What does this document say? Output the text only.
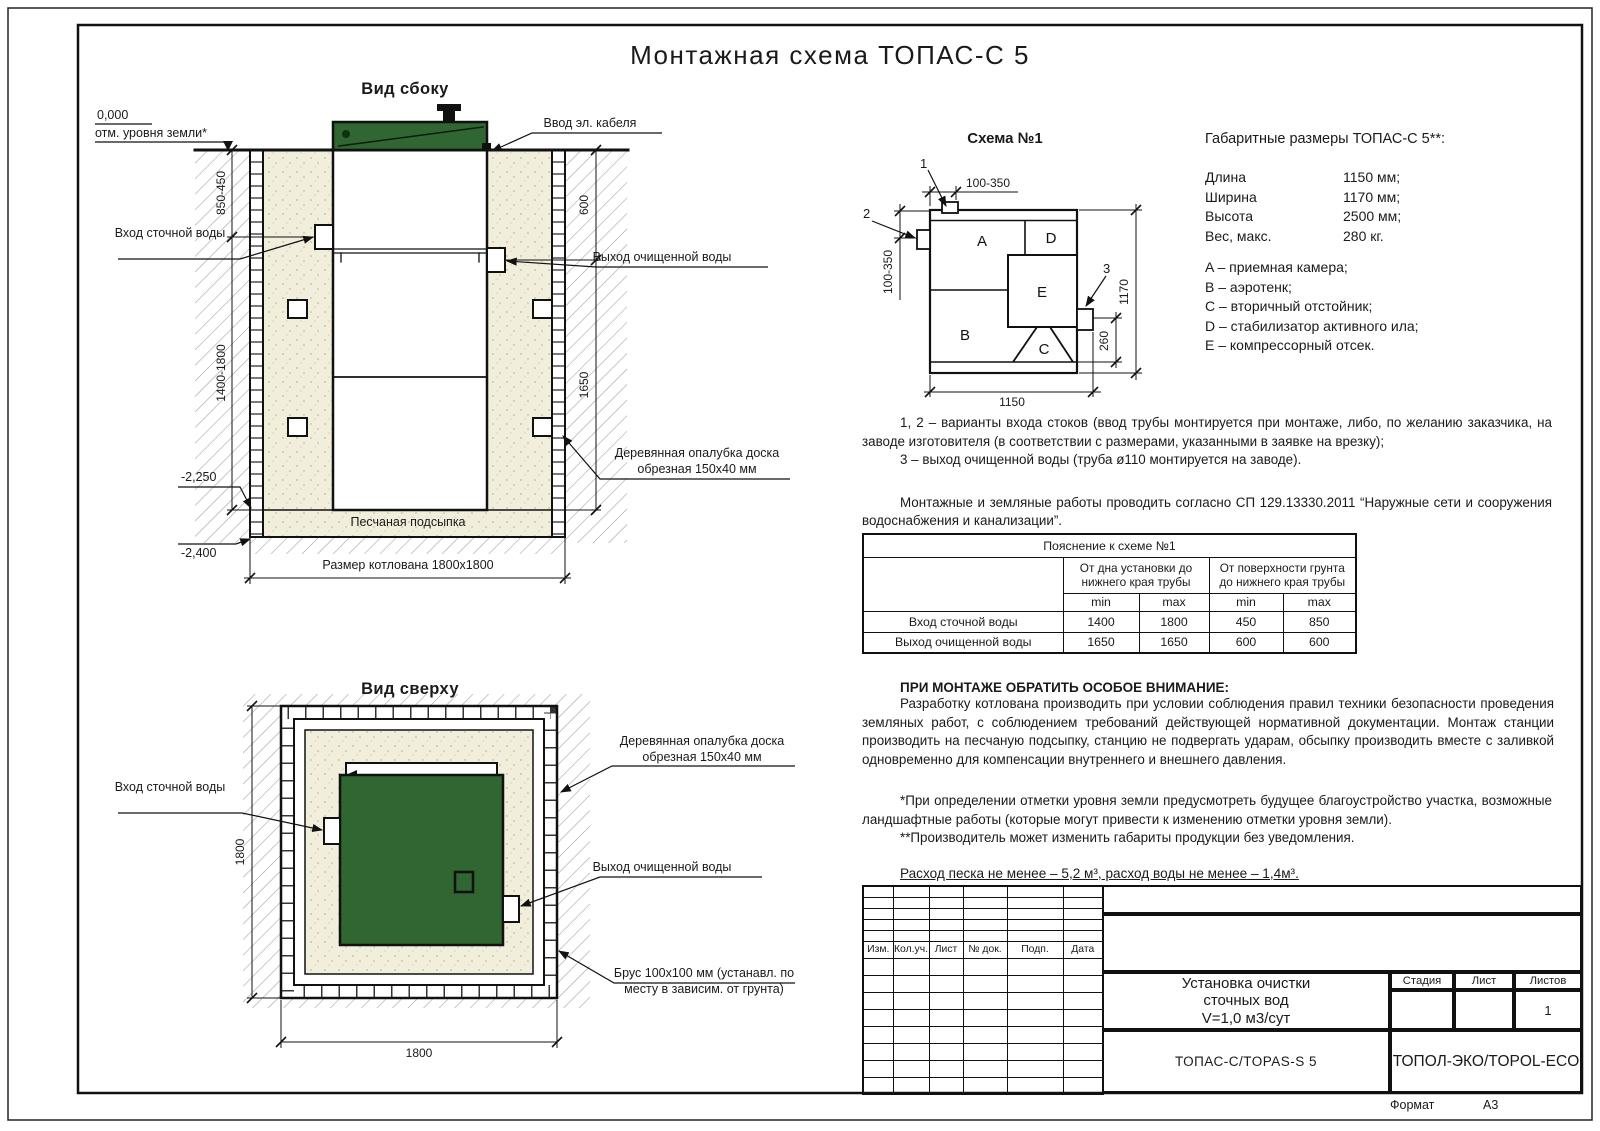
850-450
1400-1800
600
1650
1800
A
B
C
D
E
100-350	1170
260
Монтажная схема ТОПАС-С 5
Вид сбоку
0,000
отм. уровня земли*
Вход сточной воды
Ввод эл. кабеля
Выход очищенной воды
Деревянная опалубка доска обрезная 150x40 мм
Песчаная подсыпка
Размер котлована 1800x1800
-2,250
-2,400
Вид сверху
Вход сточной воды
Деревянная опалубка доска обрезная 150x40 мм
Выход очищенной воды
Брус 100x100 мм (устанавл. по месту в зависим. от грунта)
1800
Схема №1
1
2
3
100-350
1150
Габаритные размеры ТОПАС-С 5**:
Длина	1150 мм;
Ширина	1170 мм;
Высота	2500 мм;
Вес, макс.	280 кг.
A – приемная камера;
B – аэротенк;
C – вторичный отстойник;
D – стабилизатор активного ила;
E – компрессорный отсек.

1, 2 – варианты входа стоков (ввод трубы монтируется при монтаже, либо, по желанию заказчика, на заводе изготовителя (в соответствии с размерами, указанными в заявке на врезку);

3 – выход очищенной воды (труба ø110 монтируется на заводе).

Монтажные и земляные работы проводить согласно СП 129.13330.2011 “Наружные сети и сооружения водоснабжения и канализации”.

Пояснение к схеме №1				
	От дна установки до нижнего края трубы		От поверхности грунта до нижнего края трубы	
	min	max	min	max
Вход сточной воды	1400	1800	450	850
Выход очищенной воды	1650	1650	600	600

ПРИ МОНТАЖЕ ОБРАТИТЬ ОСОБОЕ ВНИМАНИЕ:

Разработку котлована производить при условии соблюдения правил техники безопасности проведения земляных работ, с соблюдением требований действующей нормативной документации. Монтаж станции производить на песчаную подсыпку, станцию не подвергать ударам, обсыпку производить вместе с заливкой одновременно для компенсации внутреннего и внешнего давления.

*При определении отметки уровня земли предусмотреть будущее благоустройство участка, возможные ландшафтные работы (которые могут привести к изменению отметки уровня земли).

**Производитель может изменить габариты продукции без уведомления.

Расход песка не менее – 5,2 м³, расход воды не менее – 1,4м³.

Изм.	Кол.уч.	Лист	№ док.	Подп.	Дата

Установка очистки
сточных вод
V=1,0 м3/сут
Стадия	Лист	Листов
1
ТОПАС-С/TOPAS-S 5	ТОПОЛ-ЭКО/TOPOL-ECO
Формат	А3
